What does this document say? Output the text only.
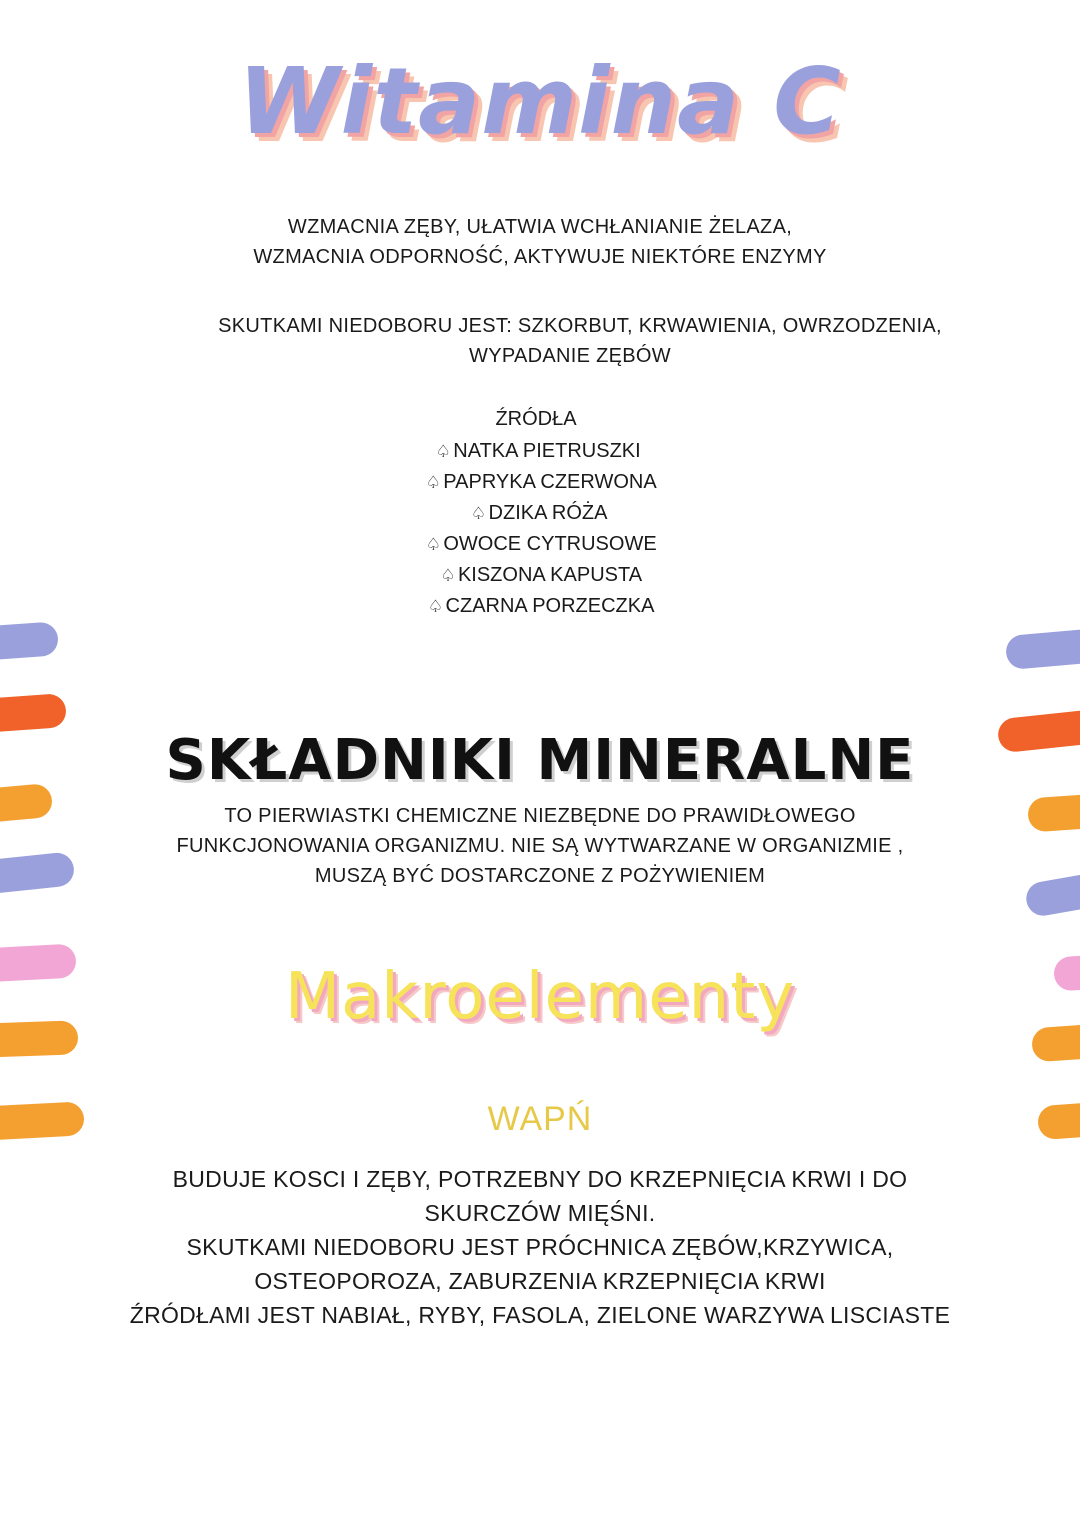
Witamina C
WZMACNIA ZĘBY, UŁATWIA WCHŁANIANIE ŻELAZA,
WZMACNIA ODPORNOŚĆ, AKTYWUJE NIEKTÓRE ENZYMY
SKUTKAMI NIEDOBORU JEST: SZKORBUT, KRWAWIENIA, OWRZODZENIA,
WYPADANIE ZĘBÓW
ŹRÓDŁA
♤ NATKA PIETRUSZKI
♤ PAPRYKA CZERWONA
♤ DZIKA RÓŻA
♤ OWOCE CYTRUSOWE
♤ KISZONA KAPUSTA
♤ CZARNA PORZECZKA
SKŁADNIKI MINERALNE
TO PIERWIASTKI CHEMICZNE NIEZBĘDNE DO PRAWIDŁOWEGO
FUNKCJONOWANIA ORGANIZMU. NIE SĄ WYTWARZANE W ORGANIZMIE ,
MUSZĄ BYĆ DOSTARCZONE Z POŻYWIENIEM
Makroelementy
WAPŃ
BUDUJE KOSCI I ZĘBY, POTRZEBNY DO KRZEPNIĘCIA KRWI I DO
SKURCZÓW MIĘŚNI.
SKUTKAMI NIEDOBORU JEST PRÓCHNICA ZĘBÓW,KRZYWICA,
OSTEOPOROZA, ZABURZENIA KRZEPNIĘCIA KRWI
ŹRÓDŁAMI JEST NABIAŁ, RYBY, FASOLA, ZIELONE WARZYWA LISCIASTE
